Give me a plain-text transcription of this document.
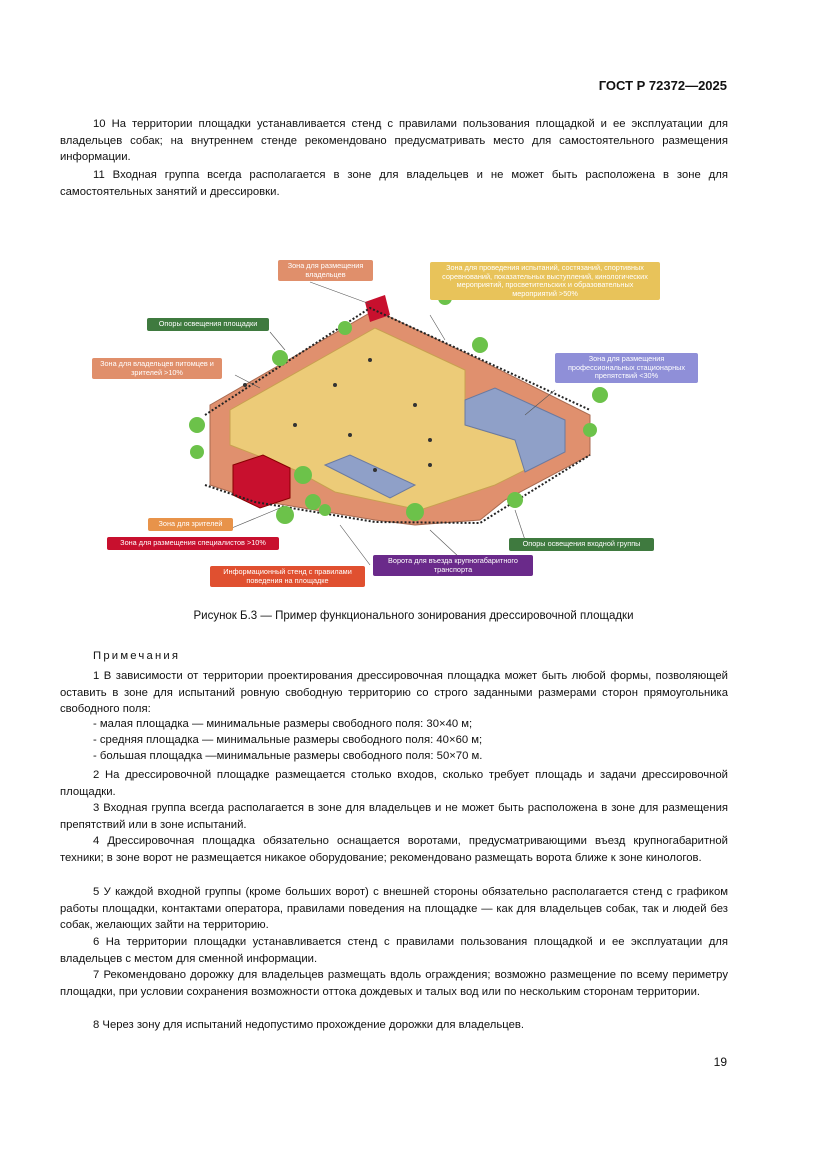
ГОСТ Р 72372—2025
10 На территории площадки устанавливается стенд с правилами пользования площадкой и ее эксплуатации для владельцев собак; на внутреннем стенде рекомендовано предусматривать место для самостоятельного размещения информации.
11 Входная группа всегда располагается в зоне для владельцев и не может быть расположена в зоне для самостоятельных занятий и дрессировки.
Зона для размещения владельцев
Зона для проведения испытаний, состязаний, спортивных соревнований, показательных выступлений, кинологических мероприятий, просветительских и образовательных мероприятий >50%
Опоры освещения площадки
Зона для владельцев питомцев и зрителей >10%
Зона для размещения профессиональных стационарных препятствий <30%
Зона для зрителей
Зона для размещения специалистов >10%
Информационный стенд с правилами поведения на площадке
Ворота для въезда крупногабаритного транспорта
Опоры освещения входной группы
Рисунок Б.3 — Пример функционального зонирования дрессировочной площадки
Примечания
1 В зависимости от территории проектирования дрессировочная площадка может быть любой формы, позволяющей оставить в зоне для испытаний ровную свободную территорию со строго заданными размерами сторон прямоугольника свободного поля:
- малая площадка — минимальные размеры свободного поля: 30×40 м;
- средняя площадка — минимальные размеры свободного поля: 40×60 м;
- большая площадка —минимальные размеры свободного поля: 50×70 м.
2 На дрессировочной площадке размещается столько входов, сколько требует площадь и задачи дрессировочной площадки.
3 Входная группа всегда располагается в зоне для владельцев и не может быть расположена в зоне для размещения препятствий или в зоне испытаний.
4 Дрессировочная площадка обязательно оснащается воротами, предусматривающими въезд крупногабаритной техники; в зоне ворот не размещается никакое оборудование; рекомендовано размещать ворота ближе к зоне кинологов.
5 У каждой входной группы (кроме больших ворот) с внешней стороны обязательно располагается стенд с графиком работы площадки, контактами оператора, правилами поведения на площадке — как для владельцев собак, так и людей без собак, желающих зайти на территорию.
6 На территории площадки устанавливается стенд с правилами пользования площадкой и ее эксплуатации для владельцев с местом для сменной информации.
7 Рекомендовано дорожку для владельцев размещать вдоль ограждения; возможно размещение по всему периметру площадки, при условии сохранения возможности оттока дождевых и талых вод или по нескольким сторонам территории.
8 Через зону для испытаний недопустимо прохождение дорожки для владельцев.
19
